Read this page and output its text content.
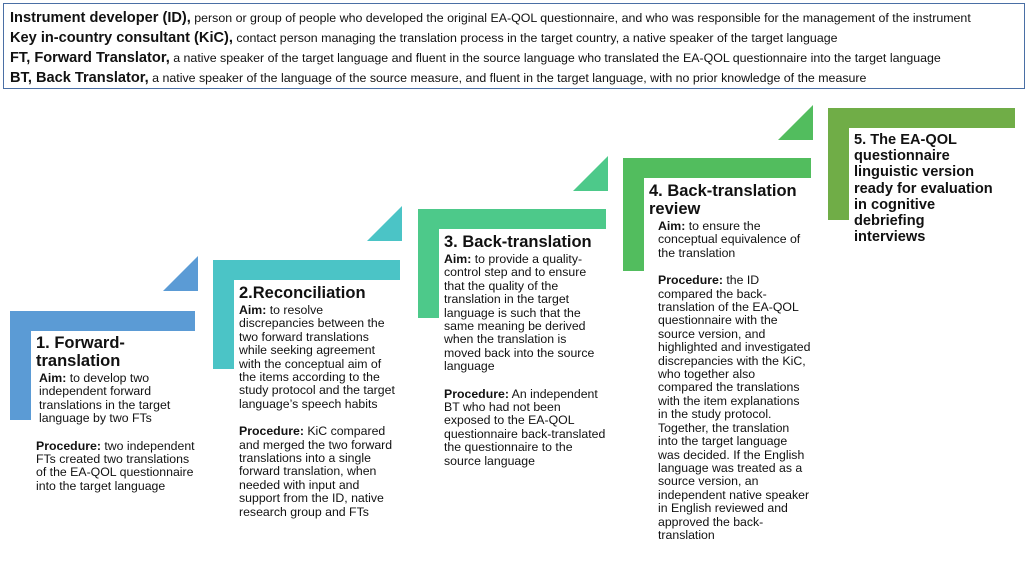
Instrument developer (ID), person or group of people who developed the original EA-QOL questionnaire, and who was responsible for the management of the instrument
Key in-country consultant (KiC), contact person managing the translation process in the target country, a native speaker of the target language
FT, Forward Translator, a native speaker of the target language and fluent in the source language who translated the EA-QOL questionnaire into the target language
BT, Back Translator, a native speaker of the language of the source measure, and fluent in the target language, with no prior knowledge of the measure
1. Forward-
translation
Aim: to develop two independent forward translations in the target language by two FTs
Procedure: two independent FTs created two translations of the EA-QOL questionnaire into the target language
2.Reconciliation
Aim: to resolve discrepancies between the two forward translations while seeking agreement with the conceptual aim of the items according to the study protocol and the target language’s speech habits
Procedure: KiC compared and merged the two forward translations into a single forward translation, when needed with input and support from the ID, native research group and FTs
3. Back-translation
Aim: to provide a quality-control step and to ensure that the quality of the translation in the target language is such that the same meaning be derived when the translation is moved back into the source language
Procedure: An independent BT who had not been exposed to the EA-QOL questionnaire back-translated the questionnaire to the source language
4. Back-translation
review
Aim: to ensure the conceptual equivalence of the translation
Procedure: the ID compared the back-translation of the EA-QOL questionnaire with the source version, and highlighted and investigated discrepancies with the KiC, who together also compared the translations with the item explanations in the study protocol. Together, the translation into the target language was decided. If the English language was treated as a source version, an independent native speaker in English reviewed and approved the back-translation
5. The EA-QOL
questionnaire
linguistic version
ready for evaluation
in cognitive
debriefing
interviews
